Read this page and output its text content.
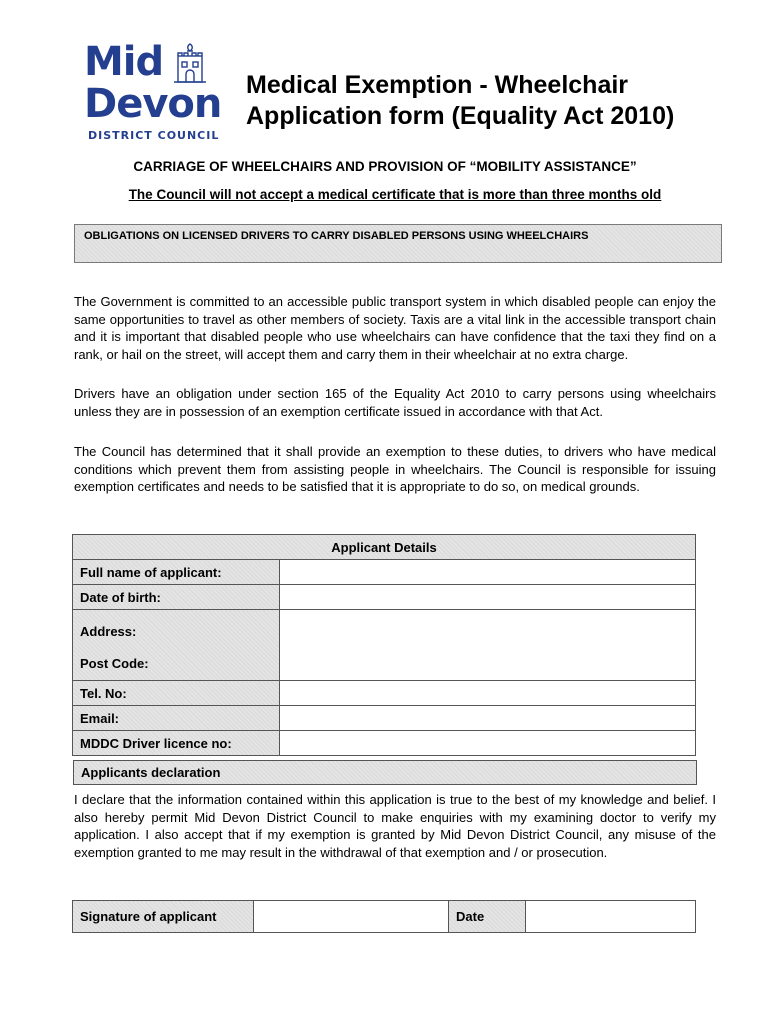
Mid
Devon
DISTRICT COUNCIL
Medical Exemption - Wheelchair
Application form (Equality Act 2010)
CARRIAGE OF WHEELCHAIRS AND PROVISION OF “MOBILITY ASSISTANCE”
The Council will not accept a medical certificate that is more than three months old
OBLIGATIONS ON LICENSED DRIVERS TO CARRY DISABLED PERSONS USING WHEELCHAIRS
The Government is committed to an accessible public transport system in which disabled people can enjoy the same opportunities to travel as other members of society. Taxis are a vital link in the accessible transport chain and it is important that disabled people who use wheelchairs can have confidence that the taxi they find on a rank, or hail on the street, will accept them and carry them in their wheelchair at no extra charge.
Drivers have an obligation under section 165 of the Equality Act 2010 to carry persons using wheelchairs unless they are in possession of an exemption certificate issued in accordance with that Act.
The Council has determined that it shall provide an exemption to these duties, to drivers who have medical conditions which prevent them from assisting people in wheelchairs. The Council is responsible for issuing exemption certificates and needs to be satisfied that it is appropriate to do so, on medical grounds.
Applicant Details	
Full name of applicant:	
Date of birth:	

Address:
Post Code:	

Tel. No:	
Email:	
MDDC Driver licence no:	
Applicants declaration
I declare that the information contained within this application is true to the best of my knowledge and belief. I also hereby permit Mid Devon District Council to make enquiries with my examining doctor to verify my application. I also accept that if my exemption is granted by Mid Devon District Council, any misuse of the exemption granted to me may result in the withdrawal of that exemption and / or prosecution.
Signature of applicant		Date	
